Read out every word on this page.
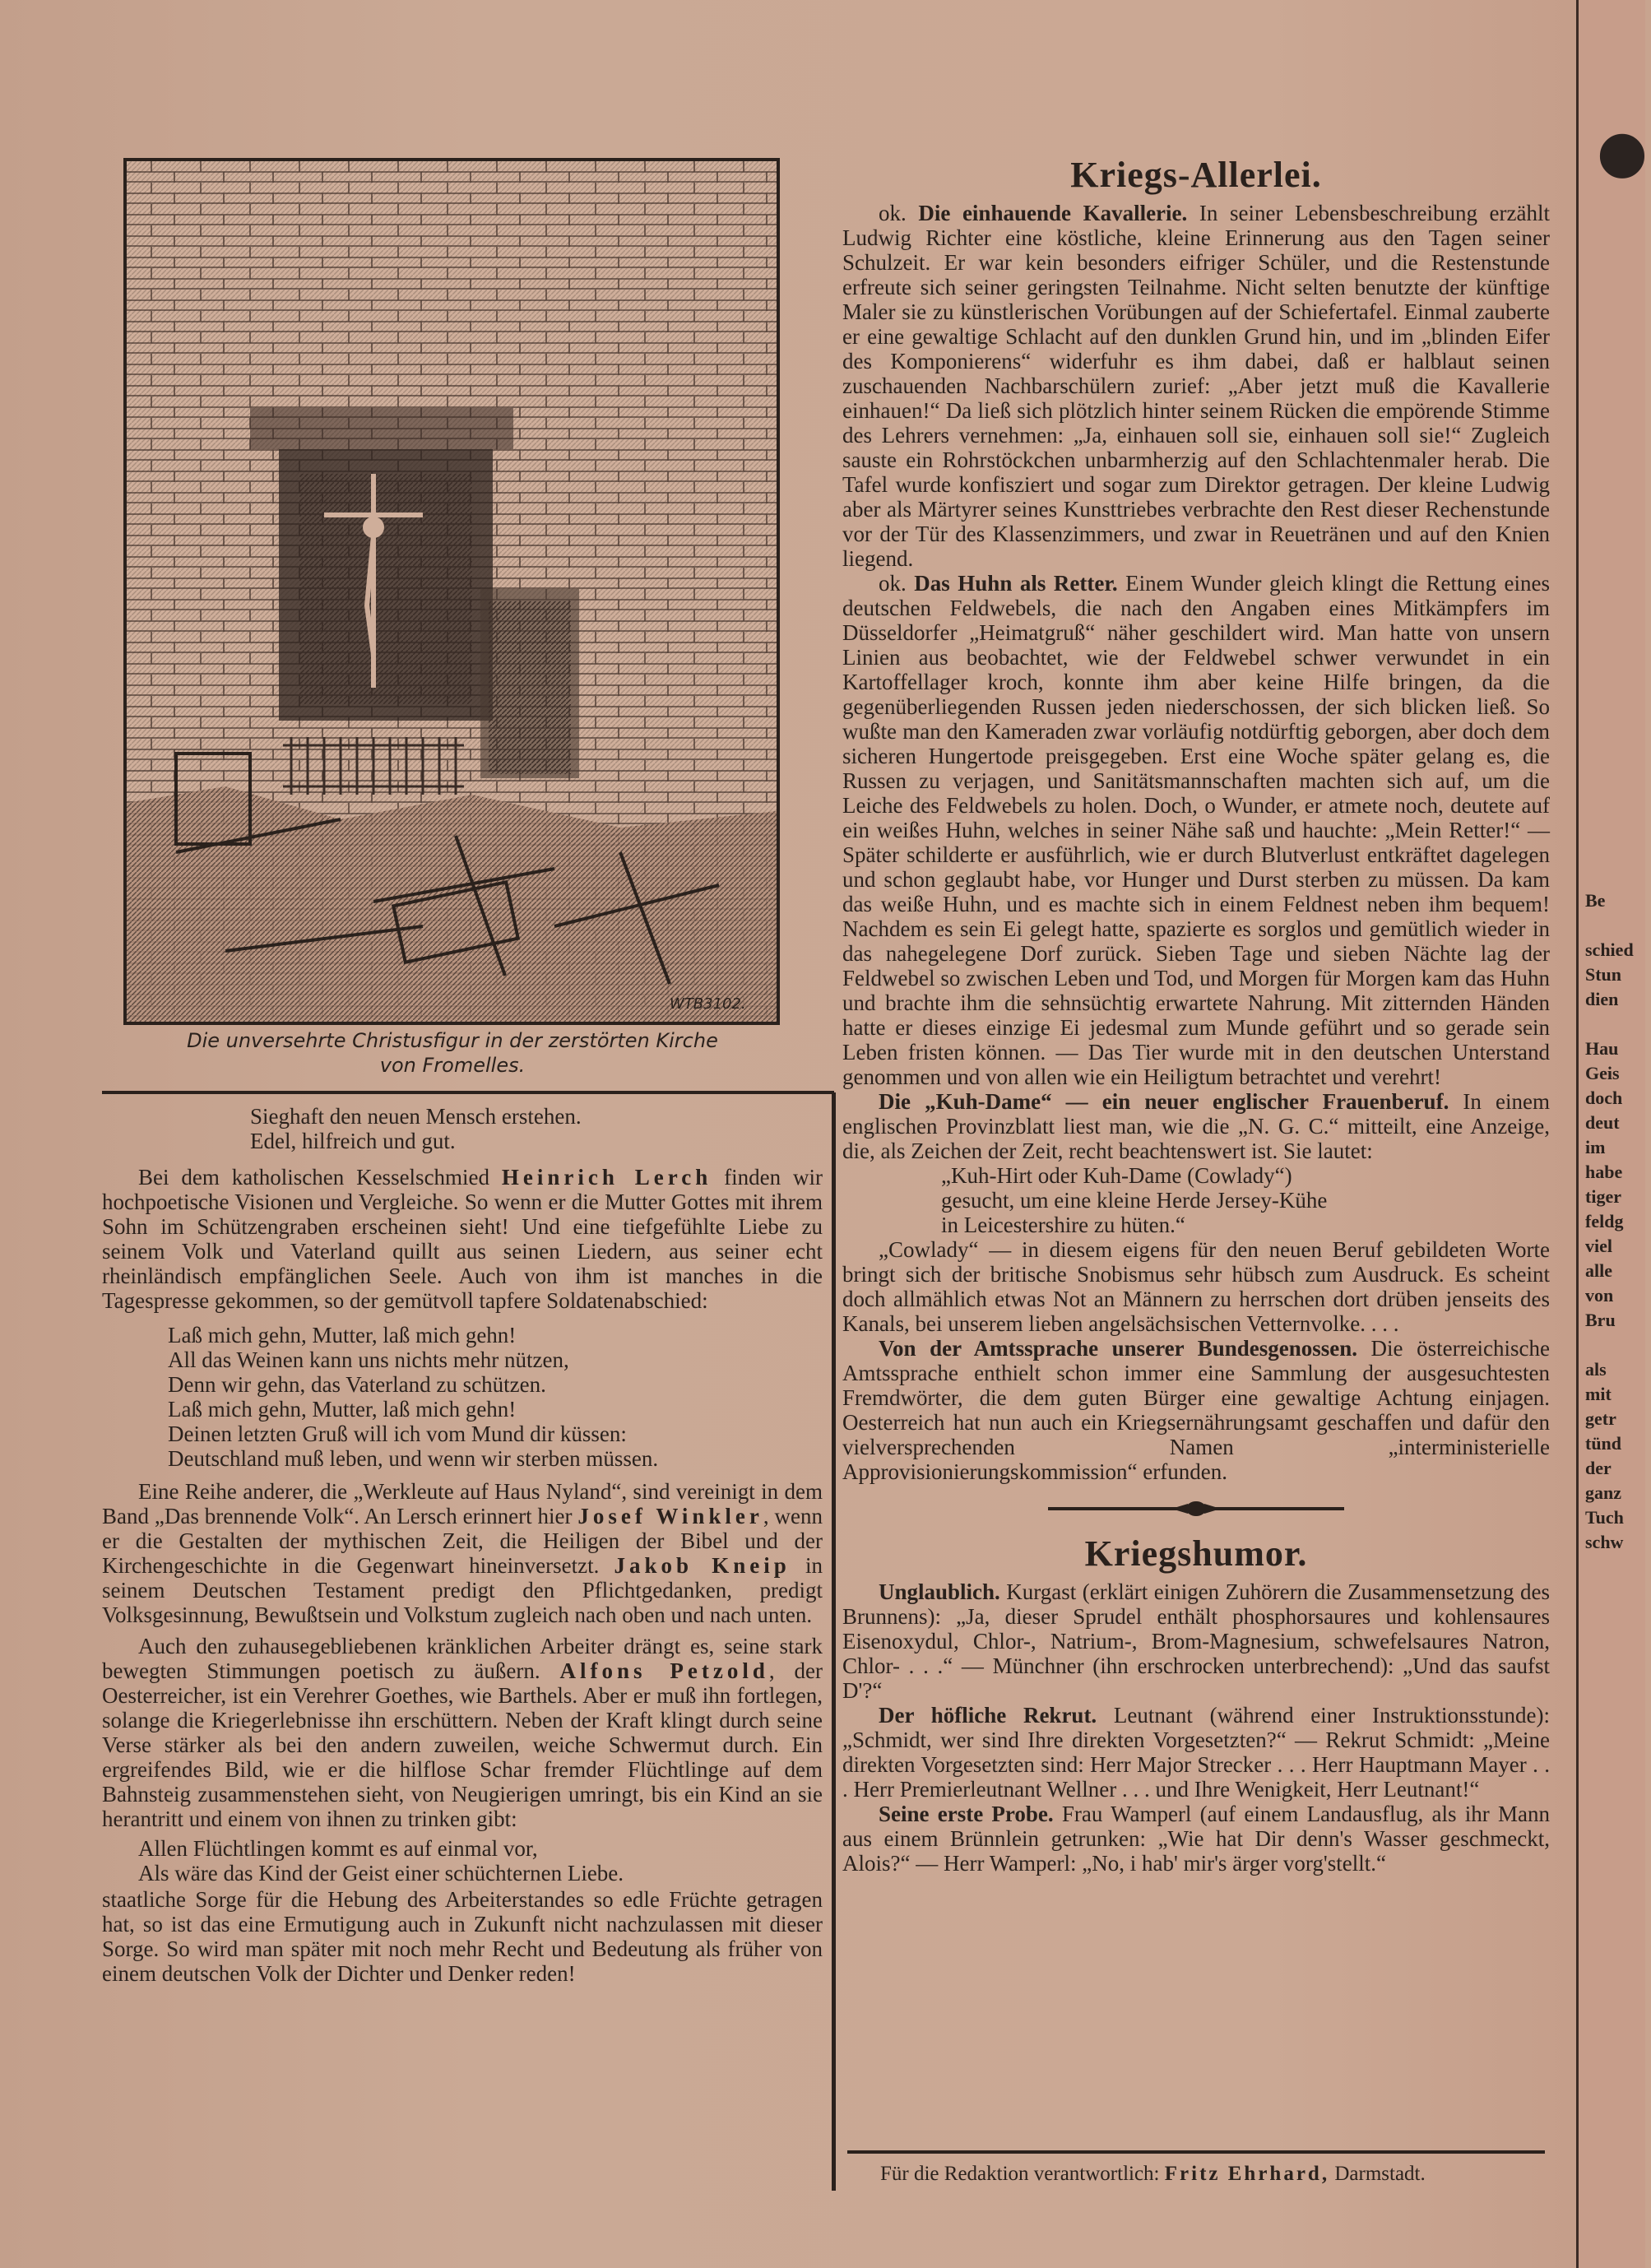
WTB3102.
Die unversehrte Christusfigur in der zerstörten Kirche
von Fromelles.
Sieghaft den neuen Mensch erstehen.
Edel, hilfreich und gut.

Bei dem katholischen Kesselschmied Heinrich Lerch finden wir hochpoetische Visionen und Vergleiche. So wenn er die Mutter Gottes mit ihrem Sohn im Schützengraben erscheinen sieht! Und eine tiefgefühlte Liebe zu seinem Volk und Vaterland quillt aus seinen Liedern, aus seiner echt rheinländisch empfänglichen Seele. Auch von ihm ist manches in die Tagespresse gekommen, so der gemütvoll tapfere Soldatenabschied:

Laß mich gehn, Mutter, laß mich gehn!
All das Weinen kann uns nichts mehr nützen,
Denn wir gehn, das Vaterland zu schützen.
Laß mich gehn, Mutter, laß mich gehn!
Deinen letzten Gruß will ich vom Mund dir küssen:
Deutschland muß leben, und wenn wir sterben müssen.

Eine Reihe anderer, die „Werkleute auf Haus Nyland“, sind vereinigt in dem Band „Das brennende Volk“. An Lersch erinnert hier Josef Winkler, wenn er die Gestalten der mythischen Zeit, die Heiligen der Bibel und der Kirchengeschichte in die Gegenwart hineinversetzt. Jakob Kneip in seinem Deutschen Testament predigt den Pflichtgedanken, predigt Volksgesinnung, Bewußtsein und Volkstum zugleich nach oben und nach unten.

Auch den zuhausegebliebenen kränklichen Arbeiter drängt es, seine stark bewegten Stimmungen poetisch zu äußern. Alfons Petzold, der Oesterreicher, ist ein Verehrer Goethes, wie Barthels. Aber er muß ihn fortlegen, solange die Kriegerlebnisse ihn erschüttern. Neben der Kraft klingt durch seine Verse stärker als bei den andern zuweilen, weiche Schwermut durch. Ein ergreifendes Bild, wie er die hilflose Schar fremder Flüchtlinge auf dem Bahnsteig zusammenstehen sieht, von Neugierigen umringt, bis ein Kind an sie herantritt und einem von ihnen zu trinken gibt:

Allen Flüchtlingen kommt es auf einmal vor,
Als wäre das Kind der Geist einer schüchternen Liebe.

staatliche Sorge für die Hebung des Arbeiterstandes so edle Früchte getragen hat, so ist das eine Ermutigung auch in Zukunft nicht nachzulassen mit dieser Sorge. So wird man später mit noch mehr Recht und Bedeutung als früher von einem deutschen Volk der Dichter und Denker reden!

Kriegs-Allerlei.

ok. Die einhauende Kavallerie. In seiner Lebensbeschreibung erzählt Ludwig Richter eine köstliche, kleine Erinnerung aus den Tagen seiner Schulzeit. Er war kein besonders eifriger Schüler, und die Restenstunde erfreute sich seiner geringsten Teilnahme. Nicht selten benutzte der künftige Maler sie zu künstlerischen Vorübungen auf der Schiefertafel. Einmal zauberte er eine gewaltige Schlacht auf den dunklen Grund hin, und im „blinden Eifer des Komponierens“ widerfuhr es ihm dabei, daß er halblaut seinen zuschauenden Nachbarschülern zurief: „Aber jetzt muß die Kavallerie einhauen!“ Da ließ sich plötzlich hinter seinem Rücken die empörende Stimme des Lehrers vernehmen: „Ja, einhauen soll sie, einhauen soll sie!“ Zugleich sauste ein Rohrstöckchen unbarmherzig auf den Schlachtenmaler herab. Die Tafel wurde konfisziert und sogar zum Direktor getragen. Der kleine Ludwig aber als Märtyrer seines Kunsttriebes verbrachte den Rest dieser Rechenstunde vor der Tür des Klassenzimmers, und zwar in Reuetränen und auf den Knien liegend.

ok. Das Huhn als Retter. Einem Wunder gleich klingt die Rettung eines deutschen Feldwebels, die nach den Angaben eines Mitkämpfers im Düsseldorfer „Heimatgruß“ näher geschildert wird. Man hatte von unsern Linien aus beobachtet, wie der Feldwebel schwer verwundet in ein Kartoffellager kroch, konnte ihm aber keine Hilfe bringen, da die gegenüberliegenden Russen jeden niederschossen, der sich blicken ließ. So wußte man den Kameraden zwar vorläufig notdürftig geborgen, aber doch dem sicheren Hungertode preisgegeben. Erst eine Woche später gelang es, die Russen zu verjagen, und Sanitätsmannschaften machten sich auf, um die Leiche des Feldwebels zu holen. Doch, o Wunder, er atmete noch, deutete auf ein weißes Huhn, welches in seiner Nähe saß und hauchte: „Mein Retter!“ — Später schilderte er ausführlich, wie er durch Blutverlust entkräftet dagelegen und schon geglaubt habe, vor Hunger und Durst sterben zu müssen. Da kam das weiße Huhn, und es machte sich in einem Feldnest neben ihm bequem! Nachdem es sein Ei gelegt hatte, spazierte es sorglos und gemütlich wieder in das nahegelegene Dorf zurück. Sieben Tage und sieben Nächte lag der Feldwebel so zwischen Leben und Tod, und Morgen für Morgen kam das Huhn und brachte ihm die sehnsüchtig erwartete Nahrung. Mit zitternden Händen hatte er dieses einzige Ei jedesmal zum Munde geführt und so gerade sein Leben fristen können. — Das Tier wurde mit in den deutschen Unterstand genommen und von allen wie ein Heiligtum betrachtet und verehrt!

Die „Kuh-Dame“ — ein neuer englischer Frauenberuf. In einem englischen Provinzblatt liest man, wie die „N. G. C.“ mitteilt, eine Anzeige, die, als Zeichen der Zeit, recht beachtenswert ist. Sie lautet:

„Kuh-Hirt oder Kuh-Dame (Cowlady“)
gesucht, um eine kleine Herde Jersey-Kühe
in Leicestershire zu hüten.“

„Cowlady“ — in diesem eigens für den neuen Beruf gebildeten Worte bringt sich der britische Snobismus sehr hübsch zum Ausdruck. Es scheint doch allmählich etwas Not an Männern zu herrschen dort drüben jenseits des Kanals, bei unserem lieben angelsächsischen Vetternvolke. . . .

Von der Amtssprache unserer Bundesgenossen. Die österreichische Amtssprache enthielt schon immer eine Sammlung der ausgesuchtesten Fremdwörter, die dem guten Bürger eine gewaltige Achtung einjagen. Oesterreich hat nun auch ein Kriegsernährungsamt geschaffen und dafür den vielversprechenden Namen „interministerielle Approvisionierungskommission“ erfunden.

Kriegshumor.

Unglaublich. Kurgast (erklärt einigen Zuhörern die Zusammensetzung des Brunnens): „Ja, dieser Sprudel enthält phosphorsaures und kohlensaures Eisenoxydul, Chlor-, Natrium-, Brom-Magnesium, schwefelsaures Natron, Chlor- . . .“ — Münchner (ihn erschrocken unterbrechend): „Und das saufst D'?“

Der höfliche Rekrut. Leutnant (während einer Instruktionsstunde): „Schmidt, wer sind Ihre direkten Vorgesetzten?“ — Rekrut Schmidt: „Meine direkten Vorgesetzten sind: Herr Major Strecker . . . Herr Hauptmann Mayer . . . Herr Premierleutnant Wellner . . . und Ihre Wenigkeit, Herr Leutnant!“

Seine erste Probe. Frau Wamperl (auf einem Landausflug, als ihr Mann aus einem Brünnlein getrunken: „Wie hat Dir denn's Wasser geschmeckt, Alois?“ — Herr Wamperl: „No, i hab' mir's ärger vorg'stellt.“

Für die Redaktion verantwortlich: Fritz Ehrhard, Darmstadt.
•
Be
schied
Stun
dien
Hau
Geis
doch
deut
im
habe
tiger
feldg
viel
alle
von
Bru
als
mit
getr
tünd
der
ganz
Tuch
schw
